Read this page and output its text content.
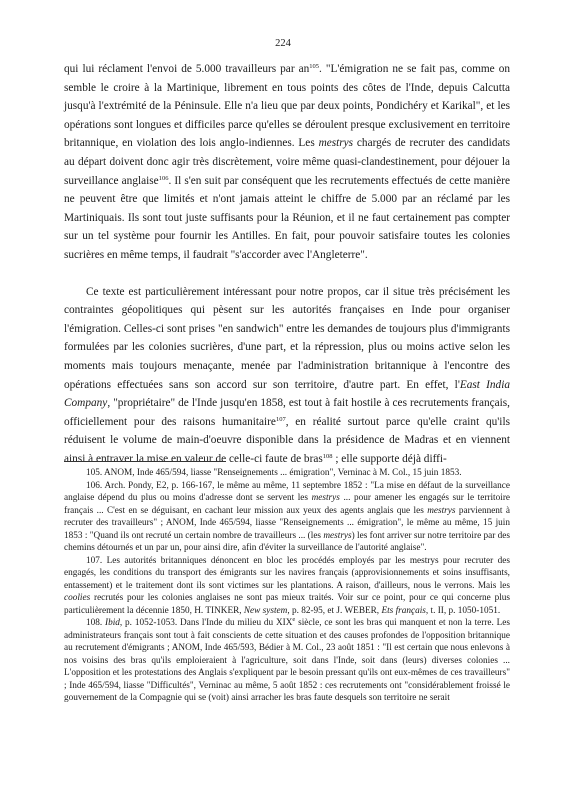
224

qui lui réclament l'envoi de 5.000 travailleurs par $an^{105}$. "L'émigration ne se fait pas, comme on semble le croire à la Martinique, librement en tous points des côtes de l'Inde, depuis Calcutta jusqu'à l'extrémité de la Péninsule. Elle n'a lieu que par deux points, Pondichéry et Karikal", et les opérations sont longues et difficiles parce qu'elles se déroulent presque exclusivement en territoire britannique, en violation des lois anglo-indiennes. Les mestrys chargés de recruter des candidats au départ doivent donc agir très discrètement, voire même quasi-clandestinement, pour déjouer la surveillance anglaise$^{106}$. Il s'en suit par conséquent que les recrutements effectués de cette manière ne peuvent être que limités et n'ont jamais atteint le chiffre de 5.000 par an réclamé par les Martiniquais. Ils sont tout juste suffisants pour la Réunion, et il ne faut certainement pas compter sur un tel système pour fournir les Antilles. En fait, pour pouvoir satisfaire toutes les colonies sucrières en même temps, il faudrait "s'accorder avec l'Angleterre".

Ce texte est particulièrement intéressant pour notre propos, car il situe très précisément les contraintes géopolitiques qui pèsent sur les autorités françaises en Inde pour organiser l'émigration. Celles-ci sont prises "en sandwich" entre les demandes de toujours plus d'immigrants formulées par les colonies sucrières, d'une part, et la répression, plus ou moins active selon les moments mais toujours menaçante, menée par l'administration britannique à l'encontre des opérations effectuées sans son accord sur son territoire, d'autre part. En effet, l'East India Company, "propriétaire" de l'Inde jusqu'en 1858, est tout à fait hostile à ces recrutements français, officiellement pour des raisons humanitaire$^{107}$, en réalité surtout parce qu'elle craint qu'ils réduisent le volume de main-d'oeuvre disponible dans la présidence de Madras et en viennent ainsi à entraver la mise en valeur de celle-ci faute de bras$^{108}$ ; elle supporte déjà diffi-

105. ANOM, Inde 465/594, liasse "Renseignements ... émigration", Verninac à M. Col., 15 juin 1853.

106. Arch. Pondy, E2, p. 166-167, le même au même, 11 septembre 1852 : "La mise en défaut de la surveillance anglaise dépend du plus ou moins d'adresse dont se servent les mestrys ... pour amener les engagés sur le territoire français ... C'est en se déguisant, en cachant leur mission aux yeux des agents anglais que les mestrys parviennent à recruter des travailleurs" ; ANOM, Inde 465/594, liasse "Renseignements ... émigration", le même au même, 15 juin 1853 : "Quand ils ont recruté un certain nombre de travailleurs ... (les mestrys) les font arriver sur notre territoire par des chemins détournés et un par un, pour ainsi dire, afin d'éviter la surveillance de l'autorité anglaise".

107. Les autorités britanniques dénoncent en bloc les procédés employés par les mestrys pour recruter des engagés, les conditions du transport des émigrants sur les navires français (approvisionnements et soins insuffisants, entassement) et le traitement dont ils sont victimes sur les plantations. A raison, d'ailleurs, nous le verrons. Mais les coolies recrutés pour les colonies anglaises ne sont pas mieux traités. Voir sur ce point, pour ce qui concerne plus particulièrement la décennie 1850, H. TINKER, New system, p. 82-95, et J. WEBER, Ets français, t. II, p. 1050-1051.

108. Ibid, p. 1052-1053. Dans l'Inde du milieu du XIXe siècle, ce sont les bras qui manquent et non la terre. Les administrateurs français sont tout à fait conscients de cette situation et des causes profondes de l'opposition britannique au recrutement d'émigrants ; ANOM, Inde 465/593, Bédier à M. Col., 23 août 1851 : "Il est certain que nous enlevons à nos voisins des bras qu'ils emploieraient à l'agriculture, soit dans l'Inde, soit dans (leurs) diverses colonies ... L'opposition et les protestations des Anglais s'expliquent par le besoin pressant qu'ils ont eux-mêmes de ces travailleurs" ; Inde 465/594, liasse "Difficultés", Verninac au même, 5 août 1852 : ces recrutements ont "considérablement froissé le gouvernement de la Compagnie qui se (voit) ainsi arracher les bras faute desquels son territoire ne serait
